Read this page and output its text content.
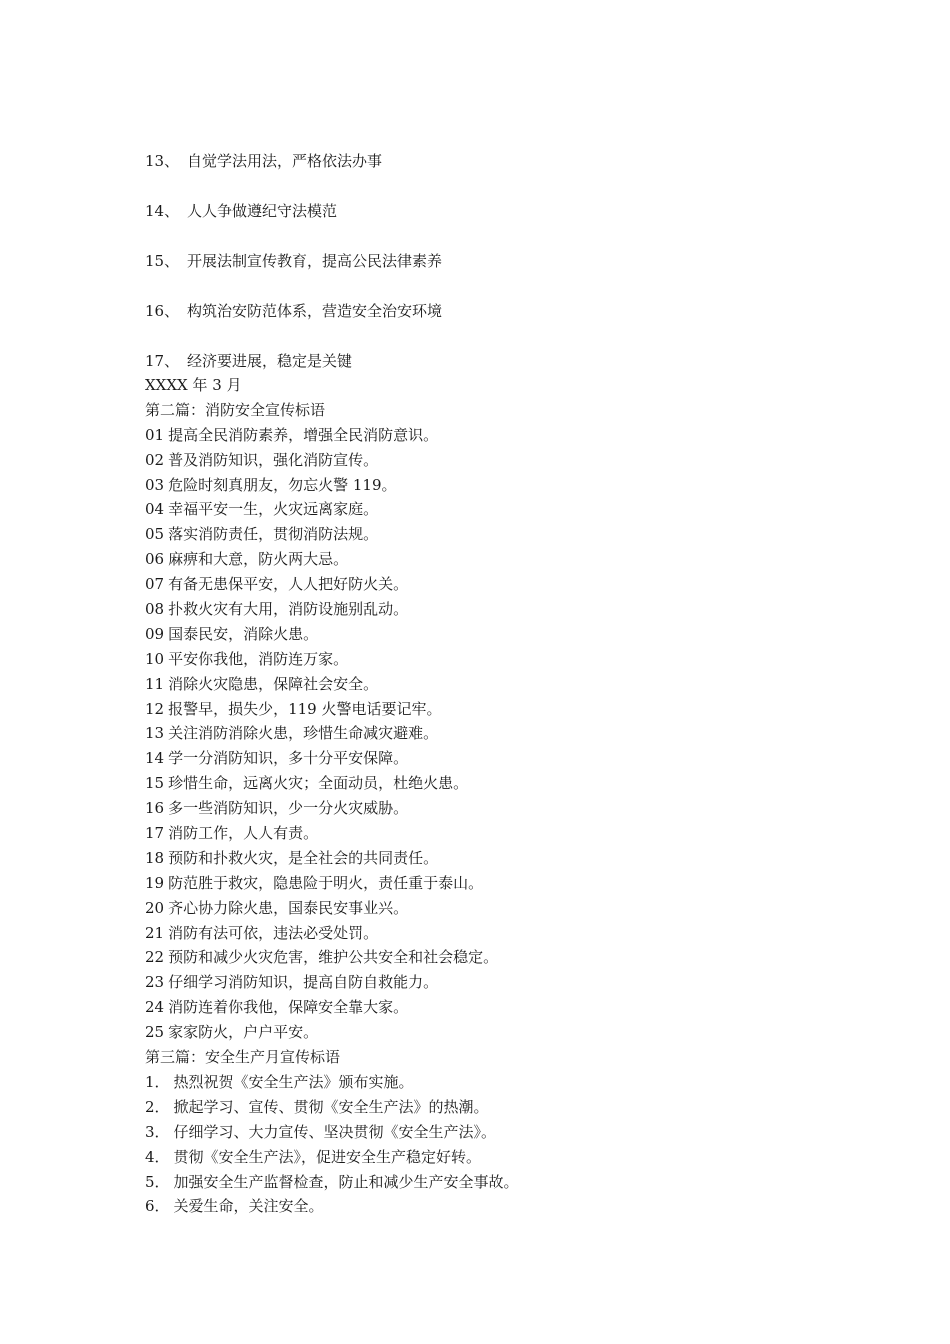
13、 自觉学法用法，严格依法办事
14、 人人争做遵纪守法模范
15、 开展法制宣传教育，提高公民法律素养
16、 构筑治安防范体系，营造安全治安环境
17、 经济要进展，稳定是关键
XXXX 年 3 月
第二篇：消防安全宣传标语
01 提高全民消防素养，增强全民消防意识。
02 普及消防知识，强化消防宣传。
03 危险时刻真朋友，勿忘火警 119。
04 幸福平安一生，火灾远离家庭。
05 落实消防责任，贯彻消防法规。
06 麻痹和大意，防火两大忌。
07 有备无患保平安，人人把好防火关。
08 扑救火灾有大用，消防设施别乱动。
09 国泰民安，消除火患。
10 平安你我他，消防连万家。
11 消除火灾隐患，保障社会安全。
12 报警早，损失少，119 火警电话要记牢。
13 关注消防消除火患，珍惜生命减灾避难。
14 学一分消防知识，多十分平安保障。
15 珍惜生命，远离火灾；全面动员，杜绝火患。
16 多一些消防知识，少一分火灾威胁。
17 消防工作，人人有责。
18 预防和扑救火灾，是全社会的共同责任。
19 防范胜于救灾，隐患险于明火，责任重于泰山。
20 齐心协力除火患，国泰民安事业兴。
21 消防有法可依，违法必受处罚。
22 预防和减少火灾危害，维护公共安全和社会稳定。
23 仔细学习消防知识，提高自防自救能力。
24 消防连着你我他，保障安全靠大家。
25 家家防火，户户平安。
第三篇：安全生产月宣传标语
1． 热烈祝贺《安全生产法》颁布实施。
2． 掀起学习、宣传、贯彻《安全生产法》的热潮。
3． 仔细学习、大力宣传、坚决贯彻《安全生产法》。
4． 贯彻《安全生产法》，促进安全生产稳定好转。
5． 加强安全生产监督检查，防止和减少生产安全事故。
6． 关爱生命，关注安全。
